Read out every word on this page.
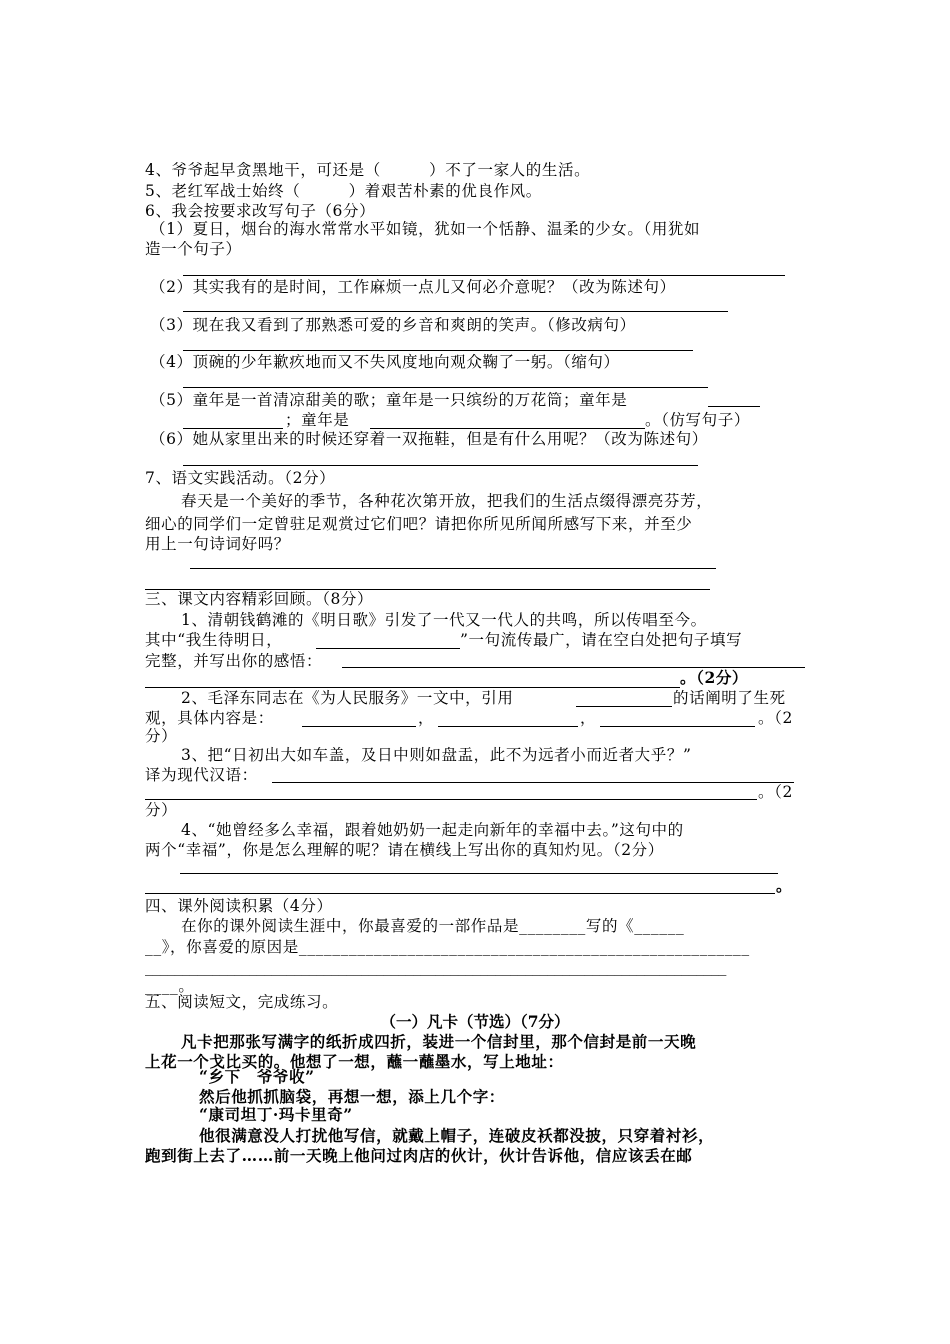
4、爷爷起早贪黑地干，可还是（　　　）不了一家人的生活。
5、老红军战士始终（　　　）着艰苦朴素的优良作风。
6、我会按要求改写句子（6分）
（1）夏日，烟台的海水常常水平如镜，犹如一个恬静、温柔的少女。（用犹如
造一个句子）
（2）其实我有的是时间，工作麻烦一点儿又何必介意呢？（改为陈述句）
（3）现在我又看到了那熟悉可爱的乡音和爽朗的笑声。（修改病句）
（4）顶碗的少年歉疚地而又不失风度地向观众鞠了一躬。（缩句）
（5）童年是一首清凉甜美的歌；童年是一只缤纷的万花筒；童年是
；童年是	。（仿写句子）
（6）她从家里出来的时候还穿着一双拖鞋，但是有什么用呢？（改为陈述句）
7、语文实践活动。（2分）
春天是一个美好的季节，各种花次第开放，把我们的生活点缀得漂亮芬芳，
细心的同学们一定曾驻足观赏过它们吧？请把你所见所闻所感写下来，并至少
用上一句诗词好吗？
三、课文内容精彩回顾。（8分）
1、清朝钱鹤滩的《明日歌》引发了一代又一代人的共鸣，所以传唱至今。
其中“我生待明日，	”一句流传最广，请在空白处把句子填写
完整，并写出你的感悟：
。（2分）
2、毛泽东同志在《为人民服务》一文中，引用	的话阐明了生死
观，具体内容是：	，	，	。（2
分）
3、把“日初出大如车盖，及日中则如盘盂，此不为远者小而近者大乎？”
译为现代汉语：
。（2
分）
4、“她曾经多么幸福，跟着她奶奶一起走向新年的幸福中去。”这句中的
两个“幸福”，你是怎么理解的呢？请在横线上写出你的真知灼见。（2分）
。
四、课外阅读积累（4分）
在你的课外阅读生涯中，你最喜爱的一部作品是________写的《______
__》，你喜爱的原因是______________________________________________________
______________________________________________________________________________
____。
五、阅读短文，完成练习。
（一）凡卡（节选）（7分）
凡卡把那张写满字的纸折成四折，装进一个信封里，那个信封是前一天晚
上花一个戈比买的。他想了一想，蘸一蘸墨水，写上地址：
“乡下　爷爷收”
然后他抓抓脑袋，再想一想，添上几个字：
“康司坦丁·玛卡里奇”
他很满意没人打扰他写信，就戴上帽子，连破皮袄都没披，只穿着衬衫，
跑到街上去了……前一天晚上他问过肉店的伙计，伙计告诉他，信应该丢在邮
